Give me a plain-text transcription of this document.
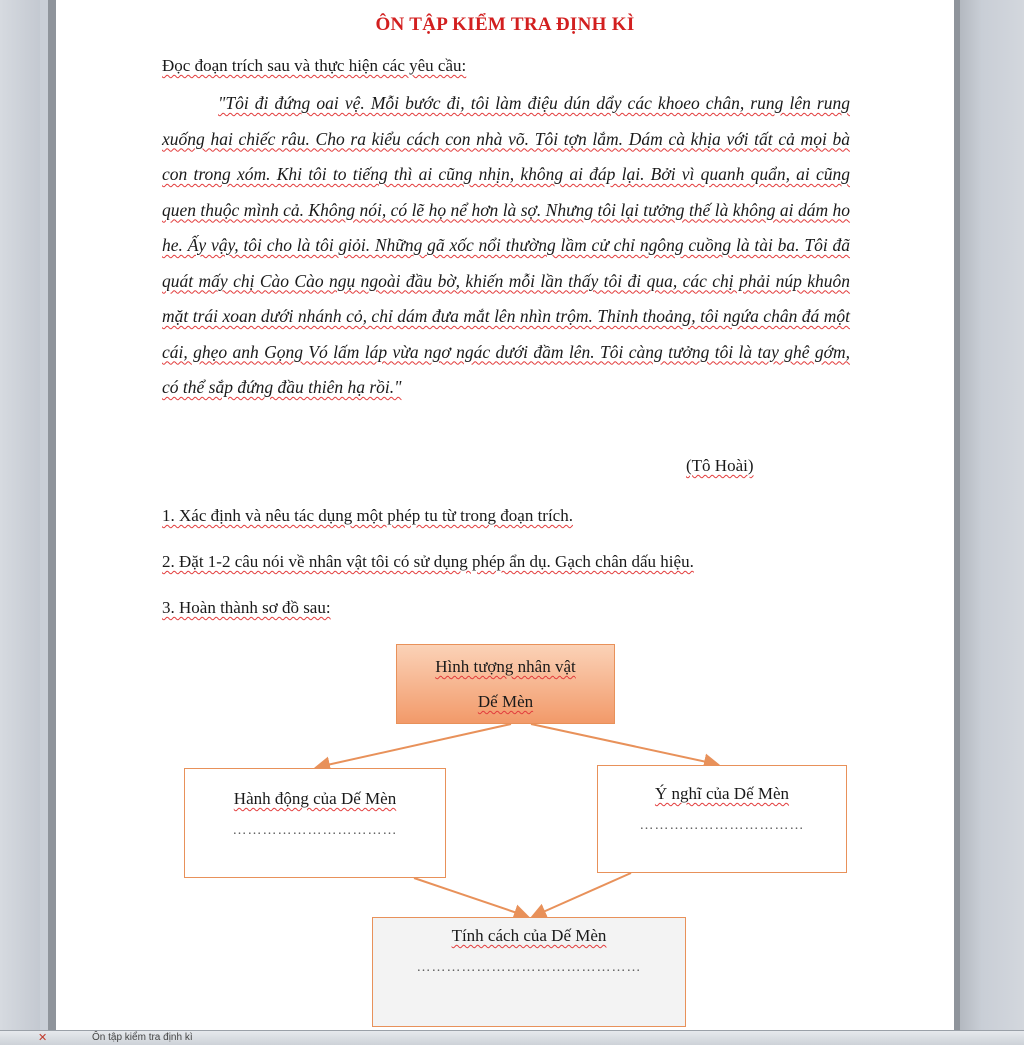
ÔN TẬP KIỂM TRA ĐỊNH KÌ
Đọc đoạn trích sau và thực hiện các yêu cầu:

"Tôi đi đứng oai vệ. Mỗi bước đi, tôi làm điệu dún dẩy các khoeo chân, rung lên rung xuống hai chiếc râu. Cho ra kiểu cách con nhà võ. Tôi tợn lắm. Dám cà khịa với tất cả mọi bà con trong xóm. Khi tôi to tiếng thì ai cũng nhịn, không ai đáp lại. Bởi vì quanh quẩn, ai cũng quen thuộc mình cả. Không nói, có lẽ họ nể hơn là sợ. Nhưng tôi lại tưởng thế là không ai dám ho he. Ấy vậy, tôi cho là tôi giỏi. Những gã xốc nổi thường lầm cử chỉ ngông cuồng là tài ba. Tôi đã quát mấy chị Cào Cào ngụ ngoài đầu bờ, khiến mỗi lần thấy tôi đi qua, các chị phải núp khuôn mặt trái xoan dưới nhánh cỏ, chỉ dám đưa mắt lên nhìn trộm. Thỉnh thoảng, tôi ngứa chân đá một cái, ghẹo anh Gọng Vó lấm láp vừa ngơ ngác dưới đầm lên. Tôi càng tưởng tôi là tay ghê gớm, có thể sắp đứng đầu thiên hạ rồi."

(Tô Hoài)
1. Xác định và nêu tác dụng một phép tu từ trong đoạn trích.
2. Đặt 1-2 câu nói về nhân vật tôi có sử dụng phép ẩn dụ. Gạch chân dấu hiệu.
3. Hoàn thành sơ đồ sau:
Hình tượng nhân vật
Dế Mèn
Hành động của Dế Mèn
……………………………
Ý nghĩ của Dế Mèn
……………………………
Tính cách của Dế Mèn
………………………………………
✕	Ôn tập kiểm tra định kì
